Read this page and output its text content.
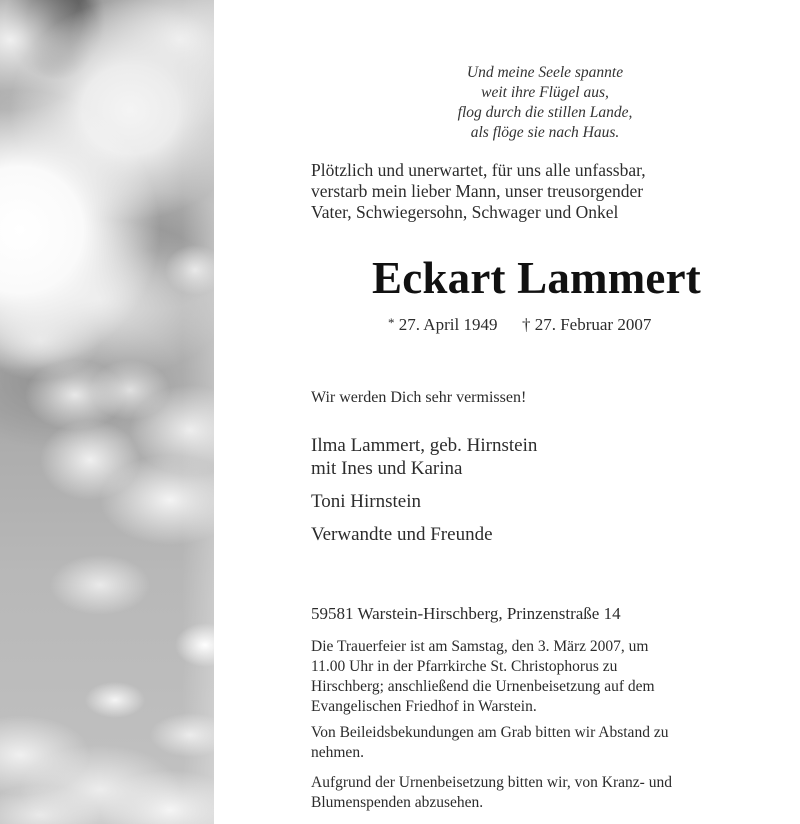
Und meine Seele spannte
weit ihre Flügel aus,
flog durch die stillen Lande,
als flöge sie nach Haus.

Plötzlich und unerwartet, für uns alle unfassbar,
verstarb mein lieber Mann, unser treusorgender
Vater, Schwiegersohn, Schwager und Onkel

Eckart Lammert

* 27. April 1949 † 27. Februar 2007

Wir werden Dich sehr vermissen!

Ilma Lammert, geb. Hirnstein
mit Ines und Karina
Toni Hirnstein
Verwandte und Freunde

59581 Warstein-Hirschberg, Prinzenstraße 14

Die Trauerfeier ist am Samstag, den 3. März 2007, um
11.00 Uhr in der Pfarrkirche St. Christophorus zu
Hirschberg; anschließend die Urnenbeisetzung auf dem
Evangelischen Friedhof in Warstein.

Von Beileidsbekundungen am Grab bitten wir Abstand zu
nehmen.

Aufgrund der Urnenbeisetzung bitten wir, von Kranz- und
Blumenspenden abzusehen.
